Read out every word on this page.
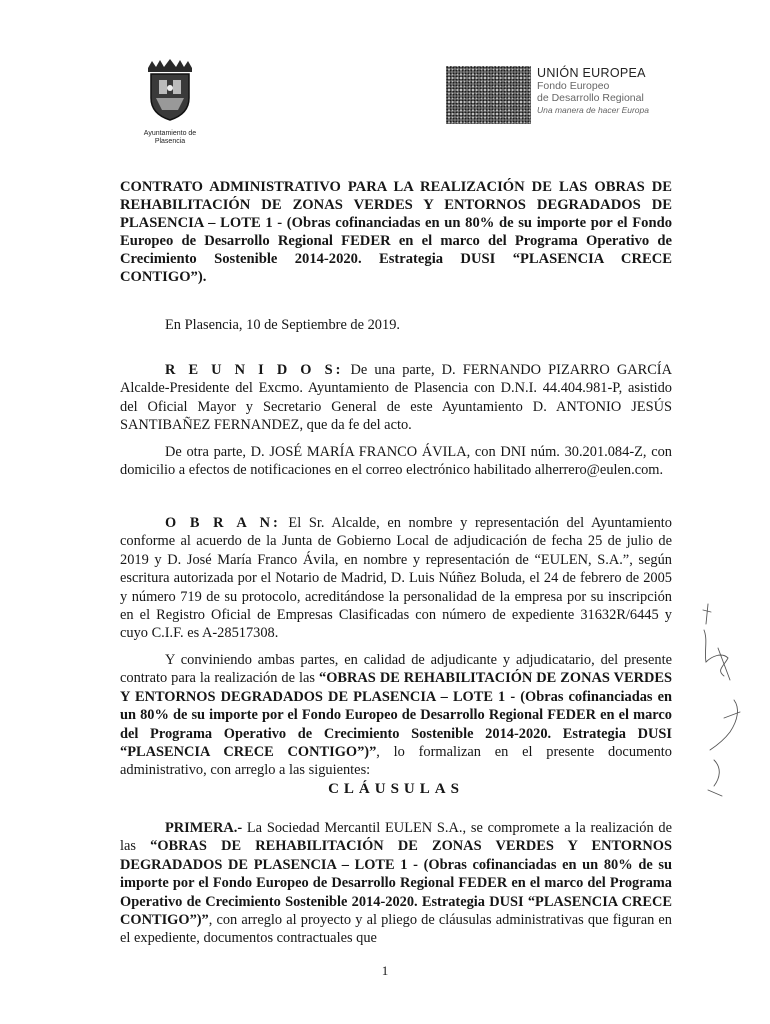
Ayuntamiento de
Plasencia
UNIÓN EUROPEA
Fondo Europeo
de Desarrollo Regional
Una manera de hacer Europa
CONTRATO ADMINISTRATIVO PARA LA REALIZACIÓN DE LAS OBRAS DE REHABILITACIÓN DE ZONAS VERDES Y ENTORNOS DEGRADADOS DE PLASENCIA – LOTE 1 - (Obras cofinanciadas en un 80% de su importe por el Fondo Europeo de Desarrollo Regional FEDER en el marco del Programa Operativo de Crecimiento Sostenible 2014-2020. Estrategia DUSI “PLASENCIA CRECE CONTIGO”).
En Plasencia, 10 de Septiembre de 2019.
R E U N I D O S: De una parte, D. FERNANDO PIZARRO GARCÍA Alcalde-Presidente del Excmo. Ayuntamiento de Plasencia con D.N.I. 44.404.981-P, asistido del Oficial Mayor y Secretario General de este Ayuntamiento D. ANTONIO JESÚS SANTIBAÑEZ FERNANDEZ, que da fe del acto.
De otra parte, D. JOSÉ MARÍA FRANCO ÁVILA, con DNI núm. 30.201.084-Z, con domicilio a efectos de notificaciones en el correo electrónico habilitado alherrero@eulen.com.
O B R A N: El Sr. Alcalde, en nombre y representación del Ayuntamiento conforme al acuerdo de la Junta de Gobierno Local de adjudicación de fecha 25 de julio de 2019 y D. José María Franco Ávila, en nombre y representación de “EULEN, S.A.”, según escritura autorizada por el Notario de Madrid, D. Luis Núñez Boluda, el 24 de febrero de 2005 y número 719 de su protocolo, acreditándose la personalidad de la empresa por su inscripción en el Registro Oficial de Empresas Clasificadas con número de expediente 31632R/6445 y cuyo C.I.F. es A-28517308.
Y conviniendo ambas partes, en calidad de adjudicante y adjudicatario, del presente contrato para la realización de las “OBRAS DE REHABILITACIÓN DE ZONAS VERDES Y ENTORNOS DEGRADADOS DE PLASENCIA – LOTE 1 - (Obras cofinanciadas en un 80% de su importe por el Fondo Europeo de Desarrollo Regional FEDER en el marco del Programa Operativo de Crecimiento Sostenible 2014-2020. Estrategia DUSI “PLASENCIA CRECE CONTIGO”)”, lo formalizan en el presente documento administrativo, con arreglo a las siguientes:
CLÁUSULAS
PRIMERA.- La Sociedad Mercantil EULEN S.A., se compromete a la realización de las “OBRAS DE REHABILITACIÓN DE ZONAS VERDES Y ENTORNOS DEGRADADOS DE PLASENCIA – LOTE 1 - (Obras cofinanciadas en un 80% de su importe por el Fondo Europeo de Desarrollo Regional FEDER en el marco del Programa Operativo de Crecimiento Sostenible 2014-2020. Estrategia DUSI “PLASENCIA CRECE CONTIGO”)”, con arreglo al proyecto y al pliego de cláusulas administrativas que figuran en el expediente, documentos contractuales que
1
